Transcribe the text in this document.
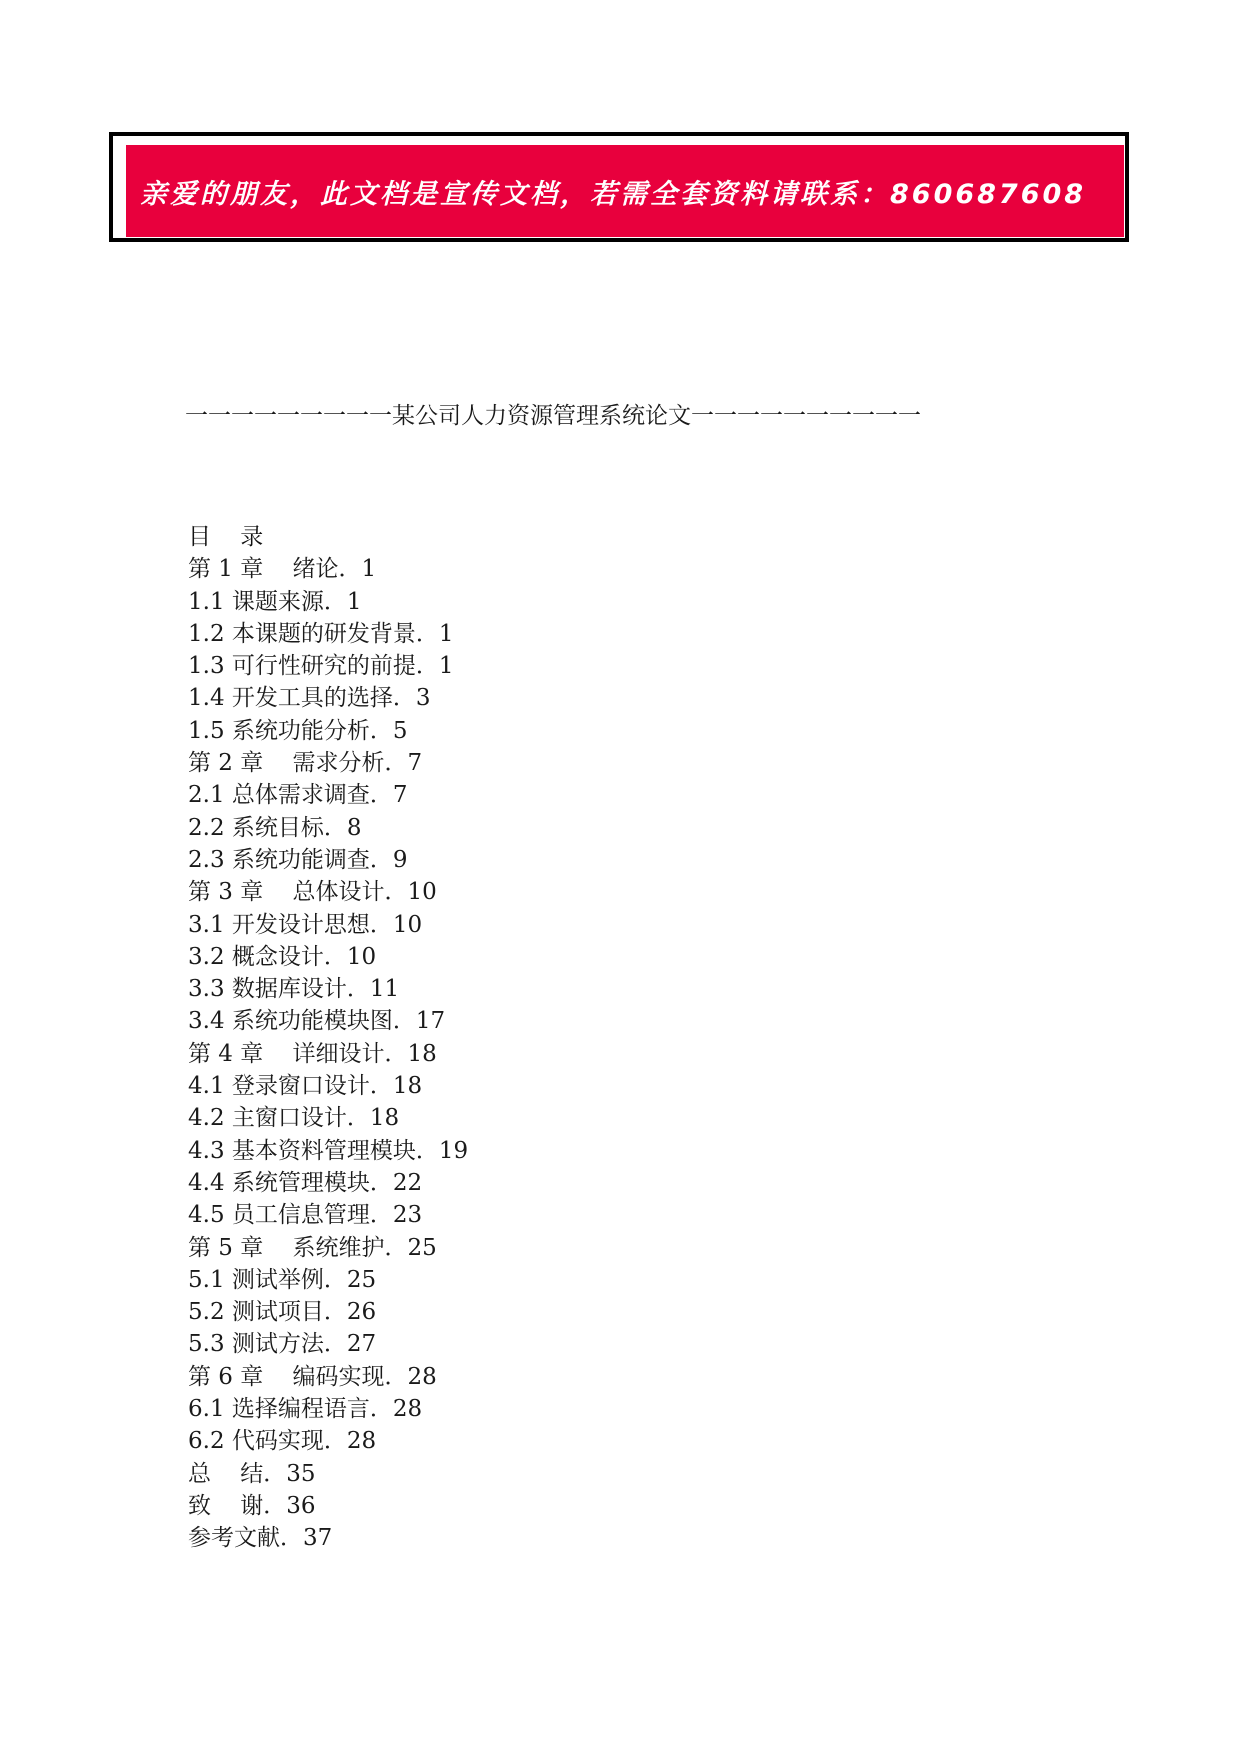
亲爱的朋友，此文档是宣传文档，若需全套资料请联系：860687608
一一一一一一一一一某公司人力资源管理系统论文一一一一一一一一一一
目    录
第 1 章    绪论．1
1.1 课题来源．1
1.2 本课题的研发背景．1
1.3 可行性研究的前提．1
1.4 开发工具的选择．3
1.5 系统功能分析．5
第 2 章    需求分析．7
2.1 总体需求调查．7
2.2 系统目标．8
2.3 系统功能调查．9
第 3 章    总体设计．10
3.1 开发设计思想．10
3.2 概念设计．10
3.3 数据库设计．11
3.4 系统功能模块图．17
第 4 章    详细设计．18
4.1 登录窗口设计．18
4.2 主窗口设计．18
4.3 基本资料管理模块．19
4.4 系统管理模块．22
4.5 员工信息管理．23
第 5 章    系统维护．25
5.1 测试举例．25
5.2 测试项目．26
5.3 测试方法．27
第 6 章    编码实现．28
6.1 选择编程语言．28
6.2 代码实现．28
总    结．35
致    谢．36
参考文献．37
